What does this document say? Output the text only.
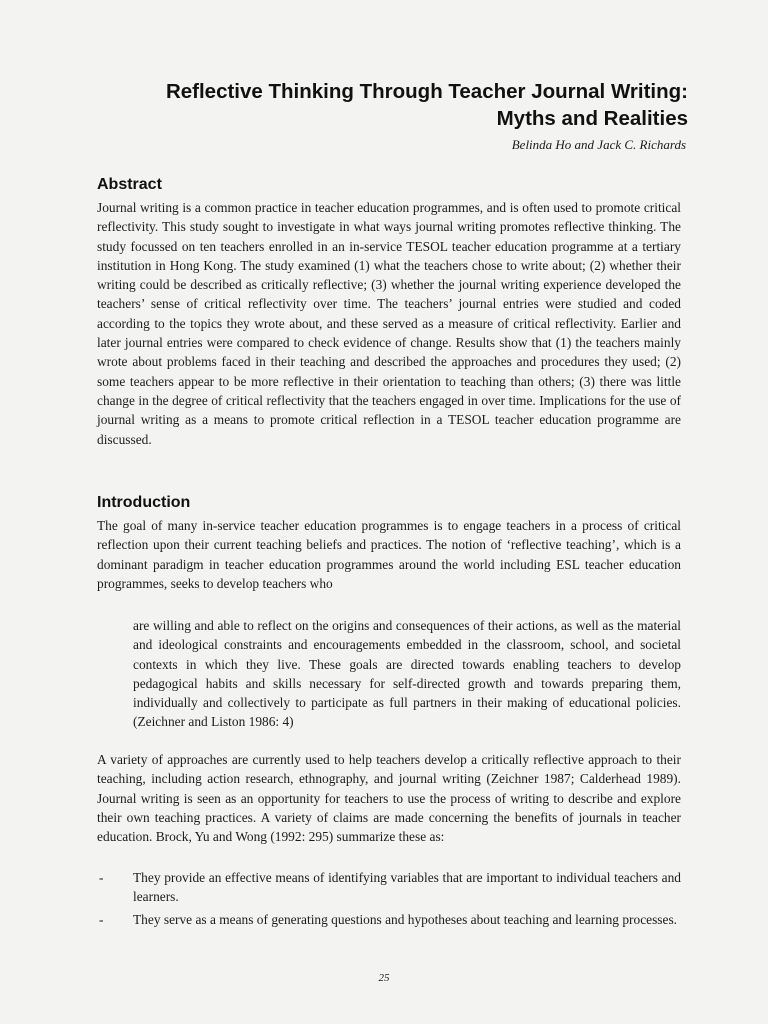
Reflective Thinking Through Teacher Journal Writing:
Myths and Realities
Belinda Ho and Jack C. Richards
Abstract

Journal writing is a common practice in teacher education programmes, and is often used to promote critical reflectivity. This study sought to investigate in what ways journal writing promotes reflective thinking. The study focussed on ten teachers enrolled in an in-service TESOL teacher education programme at a tertiary institution in Hong Kong. The study examined (1) what the teachers chose to write about; (2) whether their writing could be described as critically reflective; (3) whether the journal writing experience developed the teachers’ sense of critical reflectivity over time. The teachers’ journal entries were studied and coded according to the topics they wrote about, and these served as a measure of critical reflectivity. Earlier and later journal entries were compared to check evidence of change. Results show that (1) the teachers mainly wrote about problems faced in their teaching and described the approaches and procedures they used; (2) some teachers appear to be more reflective in their orientation to teaching than others; (3) there was little change in the degree of critical reflectivity that the teachers engaged in over time. Implications for the use of journal writing as a means to promote critical reflection in a TESOL teacher education programme are discussed.

Introduction

The goal of many in-service teacher education programmes is to engage teachers in a process of critical reflection upon their current teaching beliefs and practices. The notion of ‘reflective teaching’, which is a dominant paradigm in teacher education programmes around the world including ESL teacher education programmes, seeks to develop teachers who

are willing and able to reflect on the origins and consequences of their actions, as well as the material and ideological constraints and encouragements embedded in the classroom, school, and societal contexts in which they live. These goals are directed towards enabling teachers to develop pedagogical habits and skills necessary for self-directed growth and towards preparing them, individually and collectively to participate as full partners in their making of educational policies. (Zeichner and Liston 1986: 4)

A variety of approaches are currently used to help teachers develop a critically reflective approach to their teaching, including action research, ethnography, and journal writing (Zeichner 1987; Calderhead 1989). Journal writing is seen as an opportunity for teachers to use the process of writing to describe and explore their own teaching practices. A variety of claims are made concerning the benefits of journals in teacher education. Brock, Yu and Wong (1992: 295) summarize these as:

- They provide an effective means of identifying variables that are important to individual teachers and learners.
- They serve as a means of generating questions and hypotheses about teaching and learning processes.
25
